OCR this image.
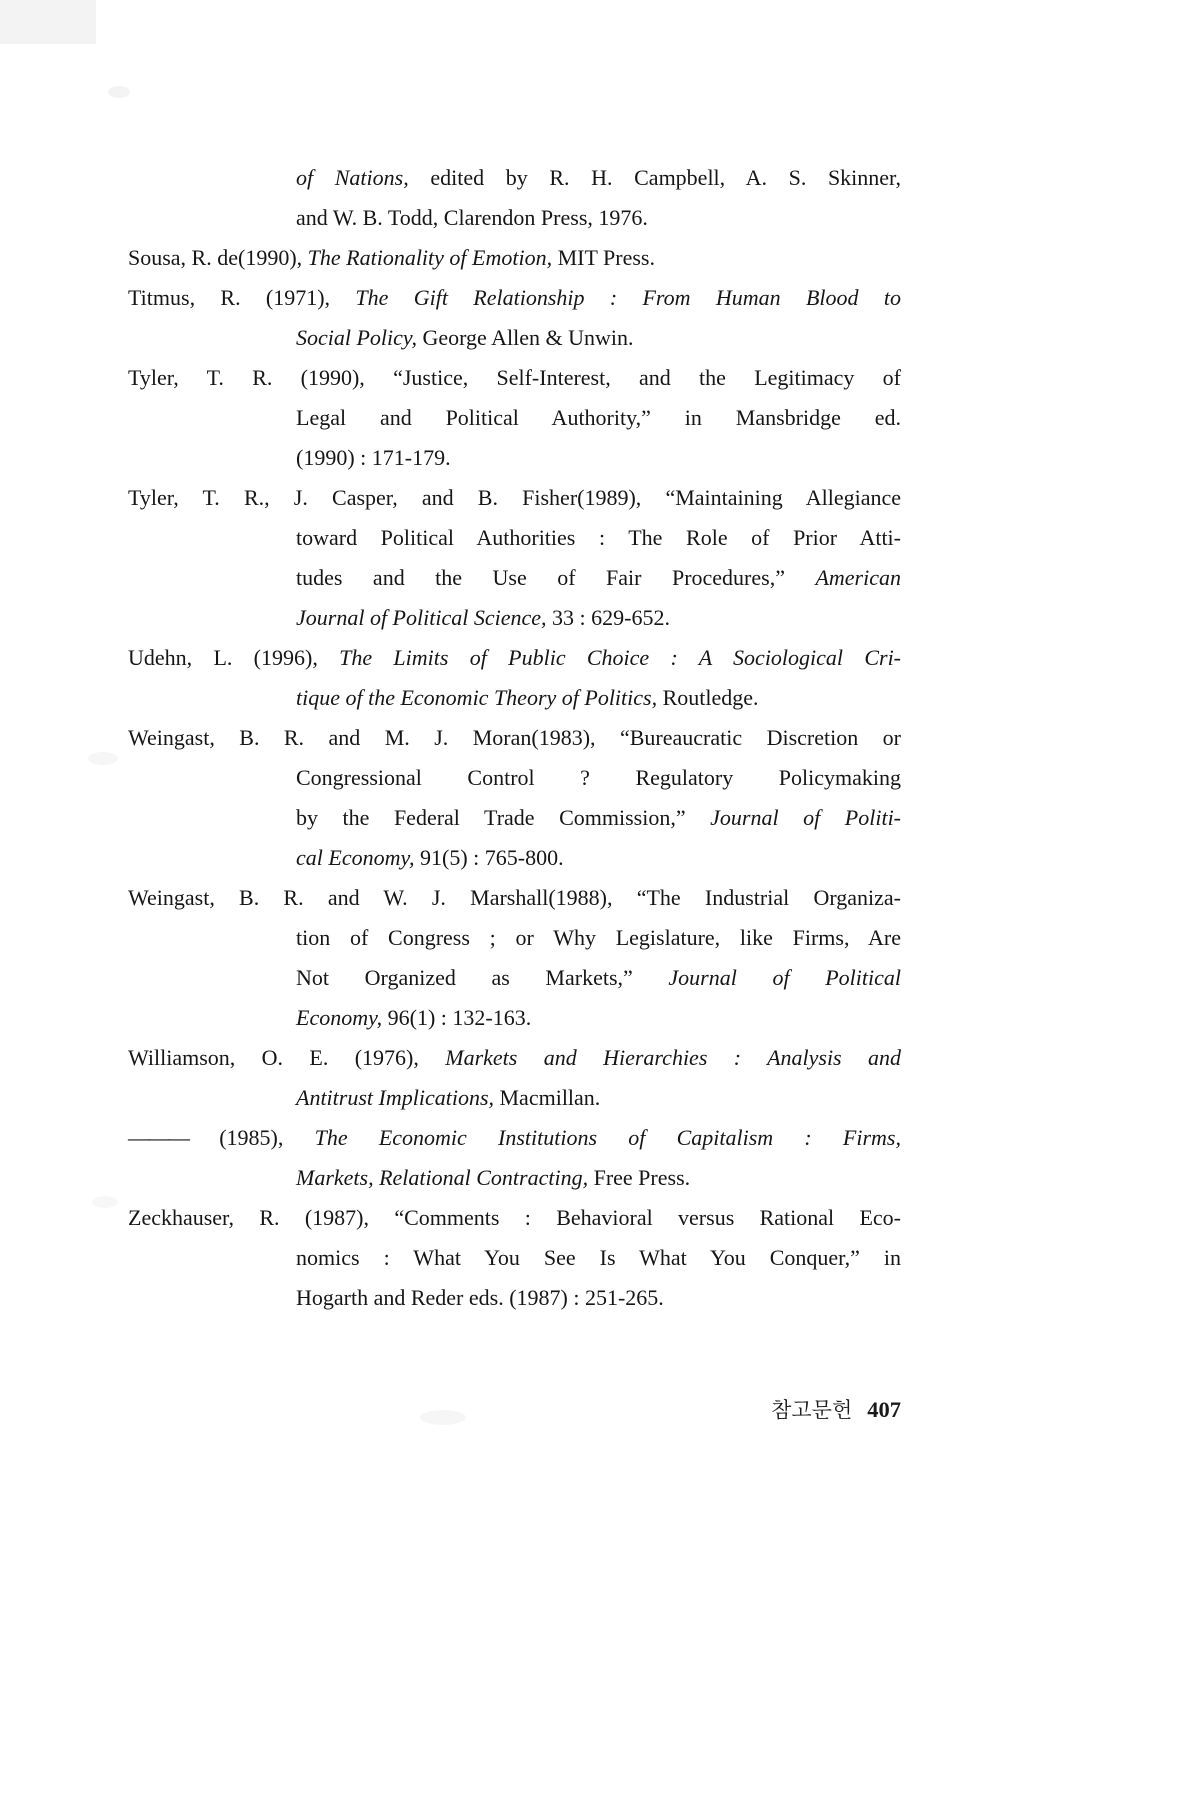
of Nations, edited by R. H. Campbell, A. S. Skinner,
and W. B. Todd, Clarendon Press, 1976.
Sousa, R. de(1990), The Rationality of Emotion, MIT Press.
Titmus, R. (1971), The Gift Relationship : From Human Blood to
Social Policy, George Allen & Unwin.
Tyler, T. R. (1990), “Justice, Self-Interest, and the Legitimacy of
Legal and Political Authority,” in Mansbridge ed.
(1990) : 171-179.
Tyler, T. R., J. Casper, and B. Fisher(1989), “Maintaining Allegiance
toward Political Authorities : The Role of Prior Atti-
tudes and the Use of Fair Procedures,” American
Journal of Political Science, 33 : 629-652.
Udehn, L. (1996), The Limits of Public Choice : A Sociological Cri-
tique of the Economic Theory of Politics, Routledge.
Weingast, B. R. and M. J. Moran(1983), “Bureaucratic Discretion or
Congressional Control ? Regulatory Policymaking
by the Federal Trade Commission,” Journal of Politi-
cal Economy, 91(5) : 765-800.
Weingast, B. R. and W. J. Marshall(1988), “The Industrial Organiza-
tion of Congress ; or Why Legislature, like Firms, Are
Not Organized as Markets,” Journal of Political
Economy, 96(1) : 132-163.
Williamson, O. E. (1976), Markets and Hierarchies : Analysis and
Antitrust Implications, Macmillan.
——— (1985), The Economic Institutions of Capitalism : Firms,
Markets, Relational Contracting, Free Press.
Zeckhauser, R. (1987), “Comments : Behavioral versus Rational Eco-
nomics : What You See Is What You Conquer,” in
Hogarth and Reder eds. (1987) : 251-265.
참고문헌 407
